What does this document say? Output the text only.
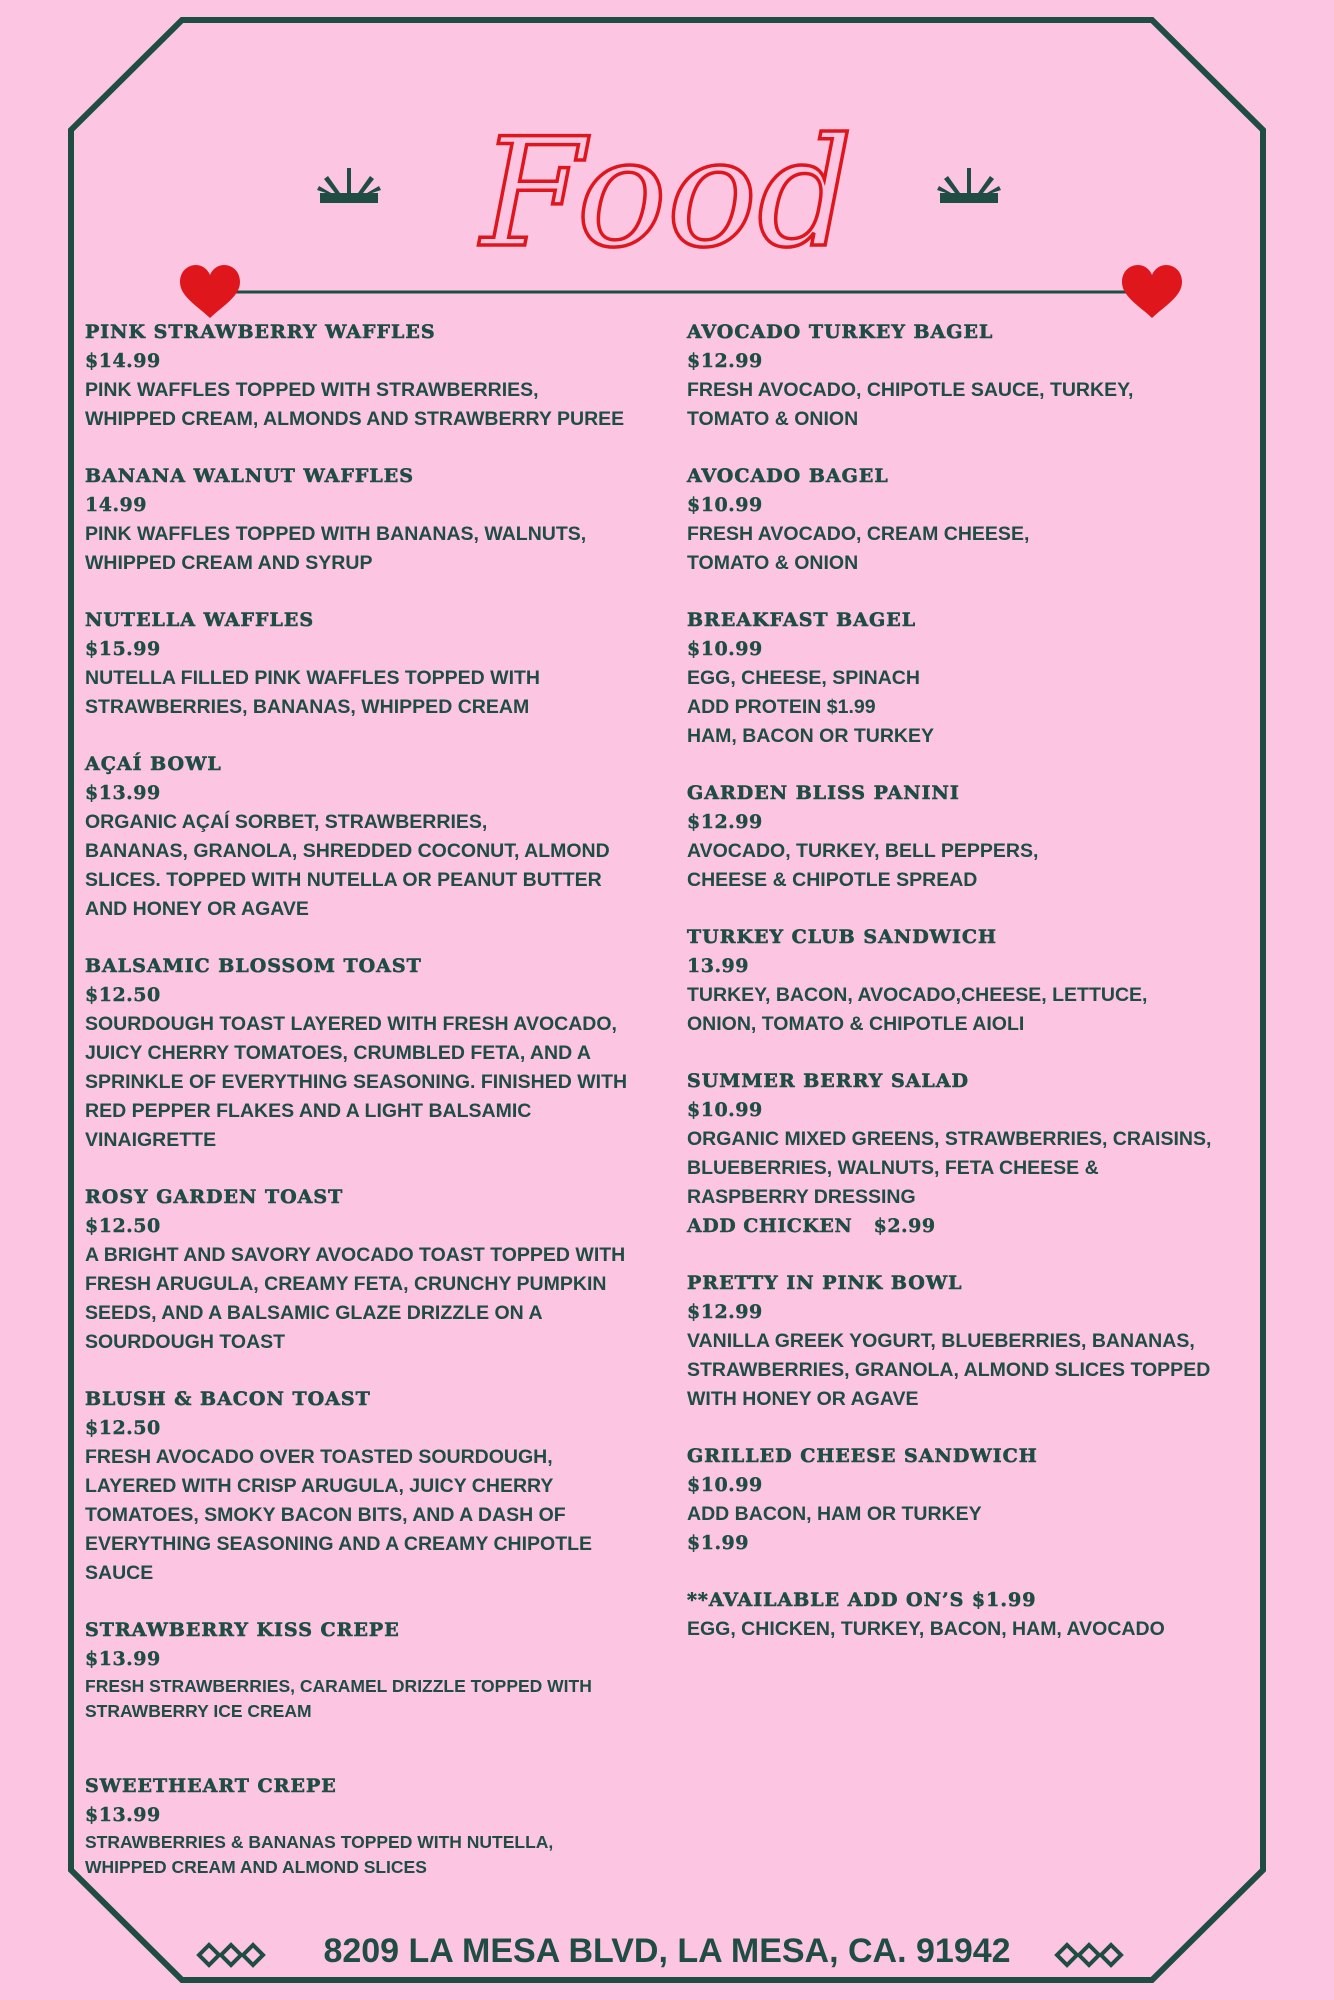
Food
PINK STRAWBERRY WAFFLES
$14.99
PINK WAFFLES TOPPED WITH STRAWBERRIES,
WHIPPED CREAM, ALMONDS AND STRAWBERRY PUREE
BANANA WALNUT WAFFLES
14.99
PINK WAFFLES TOPPED WITH BANANAS, WALNUTS,
WHIPPED CREAM AND SYRUP
NUTELLA WAFFLES
$15.99
NUTELLA FILLED PINK WAFFLES TOPPED WITH
STRAWBERRIES, BANANAS, WHIPPED CREAM
AÇAÍ BOWL
$13.99
ORGANIC AÇAÍ SORBET, STRAWBERRIES,
BANANAS, GRANOLA, SHREDDED COCONUT, ALMOND
SLICES. TOPPED WITH NUTELLA OR PEANUT BUTTER
AND HONEY OR AGAVE
BALSAMIC BLOSSOM TOAST
$12.50
SOURDOUGH TOAST LAYERED WITH FRESH AVOCADO,
JUICY CHERRY TOMATOES, CRUMBLED FETA, AND A
SPRINKLE OF EVERYTHING SEASONING. FINISHED WITH
RED PEPPER FLAKES AND A LIGHT BALSAMIC
VINAIGRETTE
ROSY GARDEN TOAST
$12.50
A BRIGHT AND SAVORY AVOCADO TOAST TOPPED WITH
FRESH ARUGULA, CREAMY FETA, CRUNCHY PUMPKIN
SEEDS, AND A BALSAMIC GLAZE DRIZZLE ON A
SOURDOUGH TOAST
BLUSH & BACON TOAST
$12.50
FRESH AVOCADO OVER TOASTED SOURDOUGH,
LAYERED WITH CRISP ARUGULA, JUICY CHERRY
TOMATOES, SMOKY BACON BITS, AND A DASH OF
EVERYTHING SEASONING AND A CREAMY CHIPOTLE
SAUCE
STRAWBERRY KISS CREPE
$13.99
FRESH STRAWBERRIES, CARAMEL DRIZZLE TOPPED WITH
STRAWBERRY ICE CREAM
SWEETHEART CREPE
$13.99
STRAWBERRIES & BANANAS TOPPED WITH NUTELLA,
WHIPPED CREAM AND ALMOND SLICES
AVOCADO TURKEY BAGEL
$12.99
FRESH AVOCADO, CHIPOTLE SAUCE, TURKEY,
TOMATO & ONION
AVOCADO BAGEL
$10.99
FRESH AVOCADO, CREAM CHEESE,
TOMATO & ONION
BREAKFAST BAGEL
$10.99
EGG, CHEESE, SPINACH
ADD PROTEIN $1.99
HAM, BACON OR TURKEY
GARDEN BLISS PANINI
$12.99
AVOCADO, TURKEY, BELL PEPPERS,
CHEESE & CHIPOTLE SPREAD
TURKEY CLUB SANDWICH
13.99
TURKEY, BACON, AVOCADO,CHEESE, LETTUCE,
ONION, TOMATO & CHIPOTLE AIOLI
SUMMER BERRY SALAD
$10.99
ORGANIC MIXED GREENS, STRAWBERRIES, CRAISINS,
BLUEBERRIES, WALNUTS, FETA CHEESE &
RASPBERRY DRESSING
ADD CHICKEN   $2.99
PRETTY IN PINK BOWL
$12.99
VANILLA GREEK YOGURT, BLUEBERRIES, BANANAS,
STRAWBERRIES, GRANOLA, ALMOND SLICES TOPPED
WITH HONEY OR AGAVE
GRILLED CHEESE SANDWICH
$10.99
ADD BACON, HAM OR TURKEY
$1.99
**AVAILABLE ADD ON’S $1.99
EGG, CHICKEN, TURKEY, BACON, HAM, AVOCADO
8209 LA MESA BLVD, LA MESA, CA. 91942
